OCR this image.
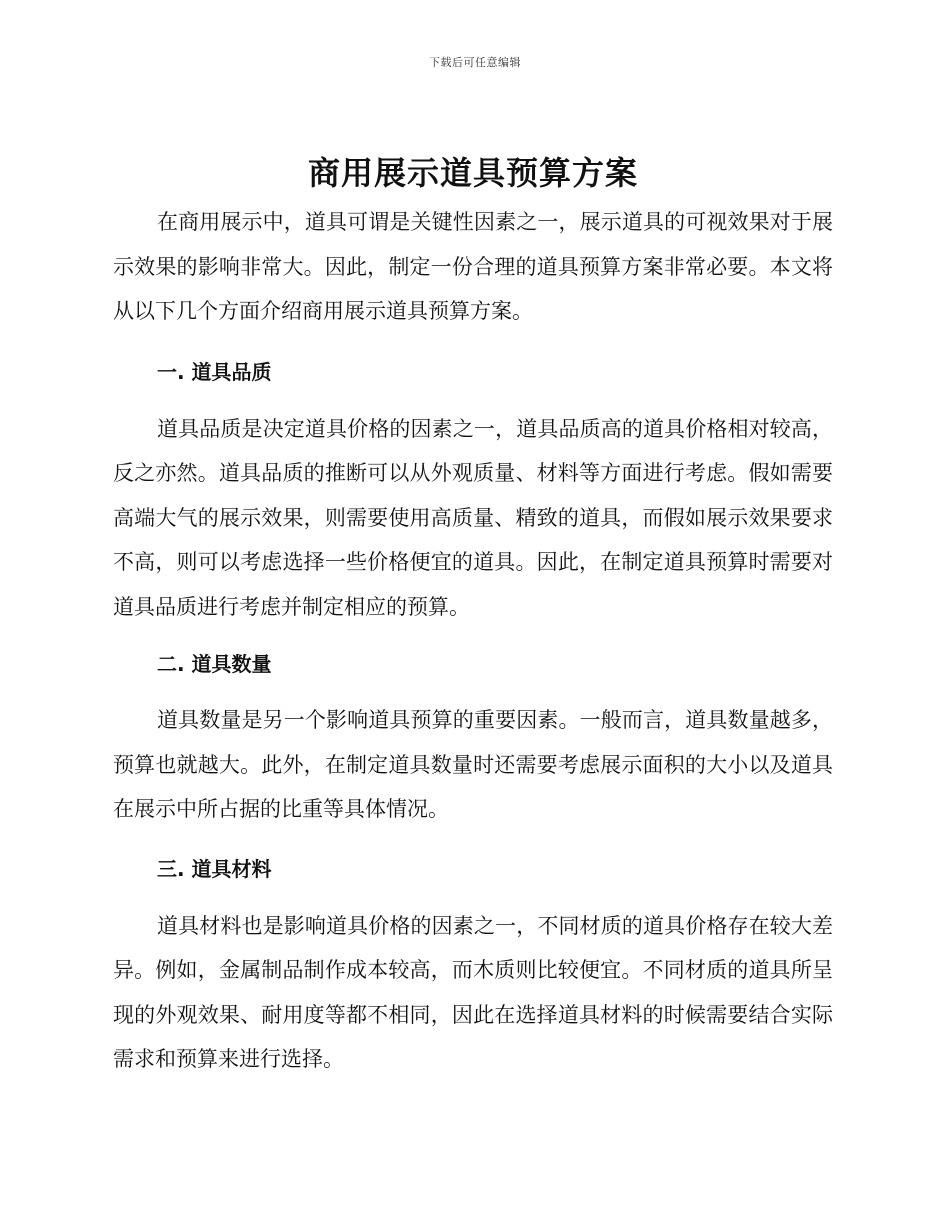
下载后可任意编辑
商用展示道具预算方案

在商用展示中，道具可谓是关键性因素之一，展示道具的可视效果对于展示效果的影响非常大。因此，制定一份合理的道具预算方案非常必要。本文将从以下几个方面介绍商用展示道具预算方案。

一. 道具品质

道具品质是决定道具价格的因素之一，道具品质高的道具价格相对较高，反之亦然。道具品质的推断可以从外观质量、材料等方面进行考虑。假如需要高端大气的展示效果，则需要使用高质量、精致的道具，而假如展示效果要求不高，则可以考虑选择一些价格便宜的道具。因此，在制定道具预算时需要对道具品质进行考虑并制定相应的预算。

二. 道具数量

道具数量是另一个影响道具预算的重要因素。一般而言，道具数量越多，预算也就越大。此外，在制定道具数量时还需要考虑展示面积的大小以及道具在展示中所占据的比重等具体情况。

三. 道具材料

道具材料也是影响道具价格的因素之一，不同材质的道具价格存在较大差异。例如，金属制品制作成本较高，而木质则比较便宜。不同材质的道具所呈现的外观效果、耐用度等都不相同，因此在选择道具材料的时候需要结合实际需求和预算来进行选择。
